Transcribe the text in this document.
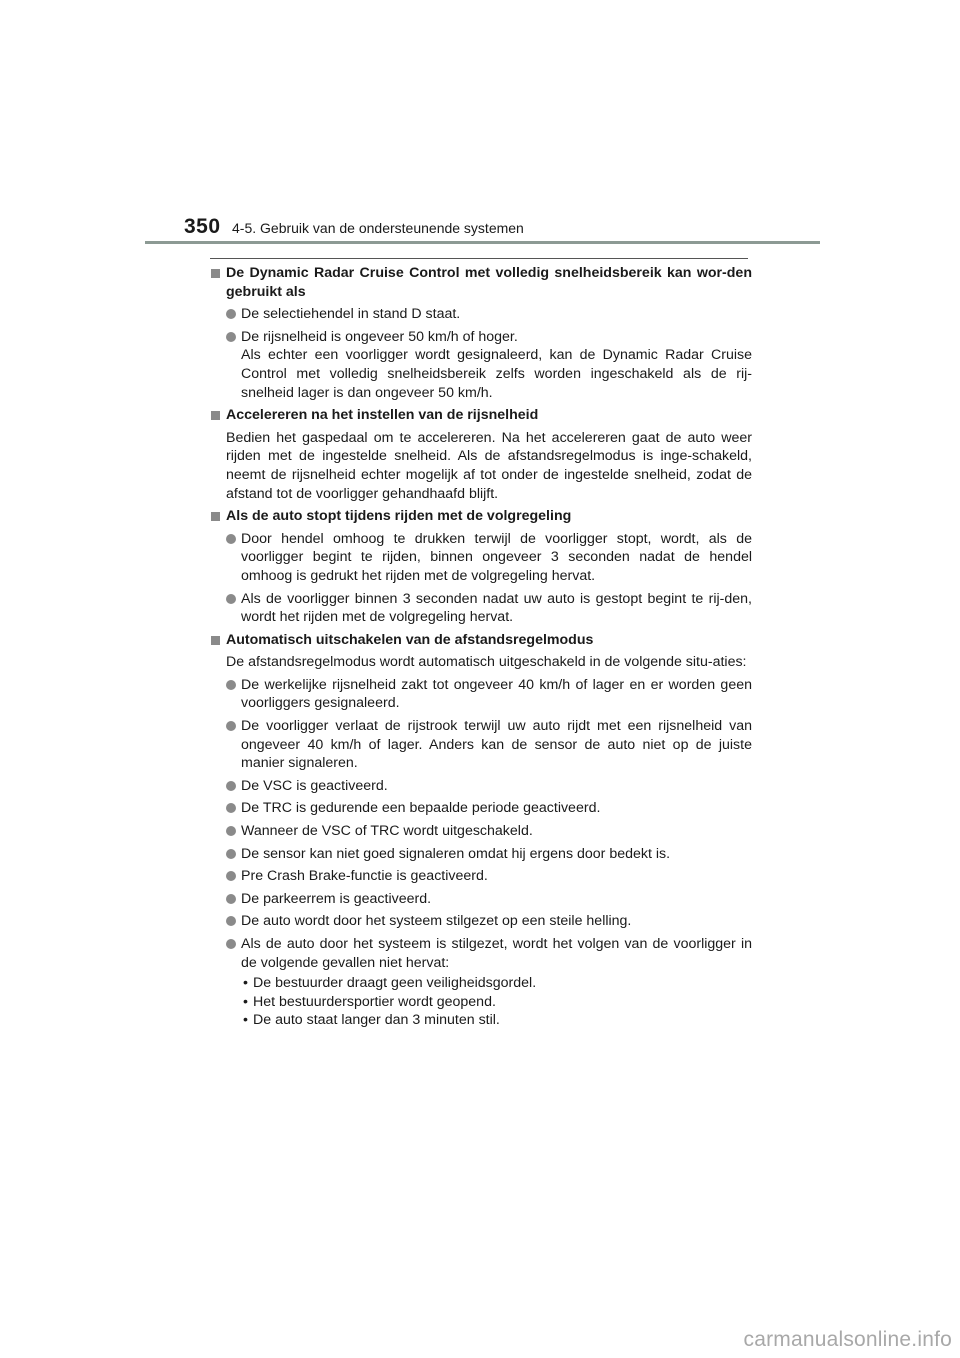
350 4-5. Gebruik van de ondersteunende systemen
De Dynamic Radar Cruise Control met volledig snelheidsbereik kan wor-den gebruikt als
De selectiehendel in stand D staat.
De rijsnelheid is ongeveer 50 km/h of hoger.
Als echter een voorligger wordt gesignaleerd, kan de Dynamic Radar Cruise Control met volledig snelheidsbereik zelfs worden ingeschakeld als de rij-snelheid lager is dan ongeveer 50 km/h.
Accelereren na het instellen van de rijsnelheid
Bedien het gaspedaal om te accelereren. Na het accelereren gaat de auto weer rijden met de ingestelde snelheid. Als de afstandsregelmodus is inge-schakeld, neemt de rijsnelheid echter mogelijk af tot onder de ingestelde snelheid, zodat de afstand tot de voorligger gehandhaafd blijft.
Als de auto stopt tijdens rijden met de volgregeling
Door hendel omhoog te drukken terwijl de voorligger stopt, wordt, als de voorligger begint te rijden, binnen ongeveer 3 seconden nadat de hendel omhoog is gedrukt het rijden met de volgregeling hervat.
Als de voorligger binnen 3 seconden nadat uw auto is gestopt begint te rij-den, wordt het rijden met de volgregeling hervat.
Automatisch uitschakelen van de afstandsregelmodus
De afstandsregelmodus wordt automatisch uitgeschakeld in de volgende situ-aties:
De werkelijke rijsnelheid zakt tot ongeveer 40 km/h of lager en er worden geen voorliggers gesignaleerd.
De voorligger verlaat de rijstrook terwijl uw auto rijdt met een rijsnelheid van ongeveer 40 km/h of lager. Anders kan de sensor de auto niet op de juiste manier signaleren.
De VSC is geactiveerd.
De TRC is gedurende een bepaalde periode geactiveerd.
Wanneer de VSC of TRC wordt uitgeschakeld.
De sensor kan niet goed signaleren omdat hij ergens door bedekt is.
Pre Crash Brake-functie is geactiveerd.
De parkeerrem is geactiveerd.
De auto wordt door het systeem stilgezet op een steile helling.
Als de auto door het systeem is stilgezet, wordt het volgen van de voorligger in de volgende gevallen niet hervat:
• De bestuurder draagt geen veiligheidsgordel.
• Het bestuurdersportier wordt geopend.
• De auto staat langer dan 3 minuten stil.
carmanualsonline.info
